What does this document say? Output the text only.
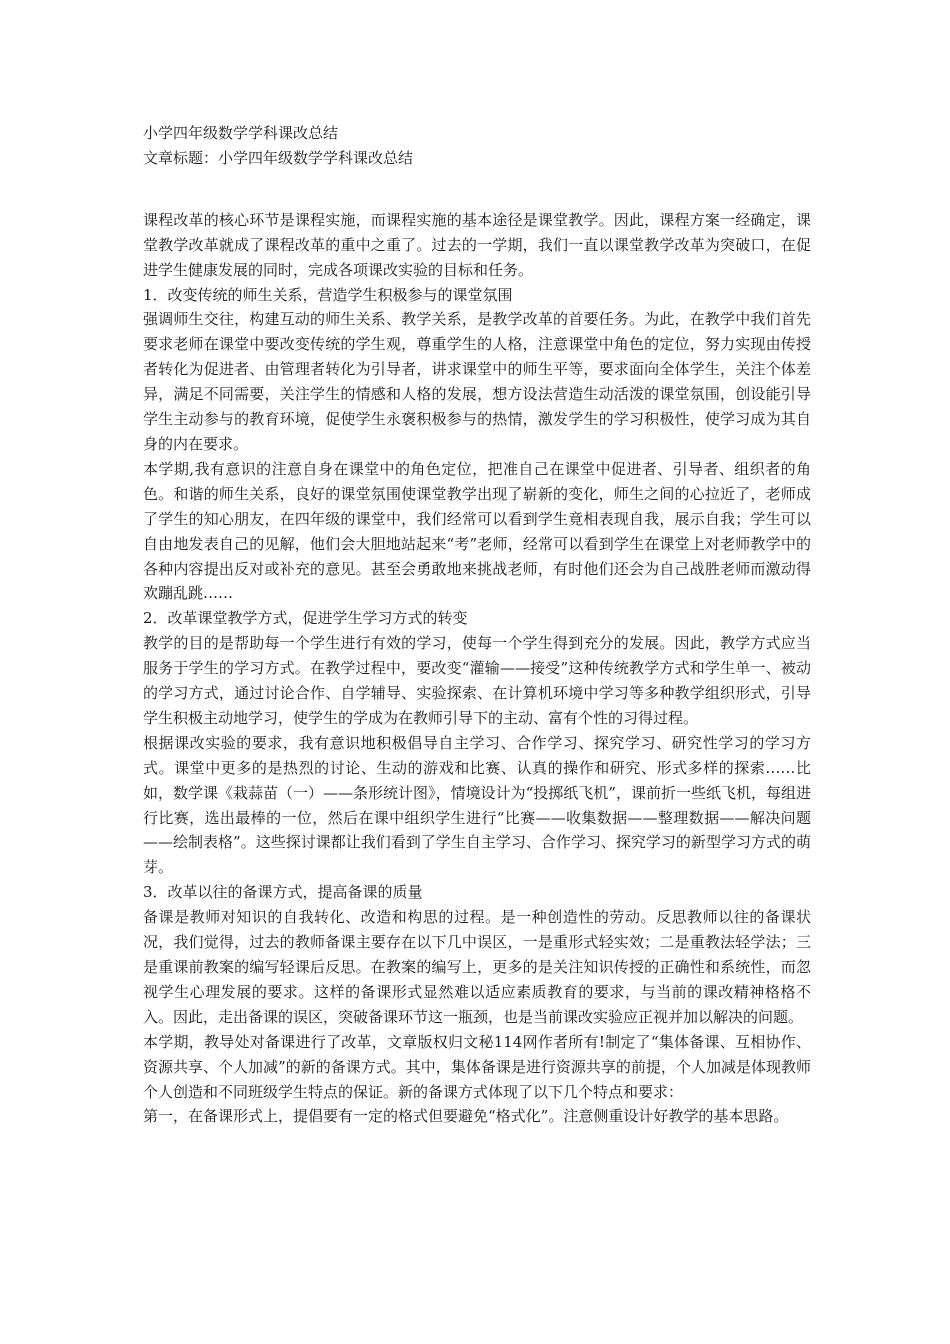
小学四年级数学学科课改总结

文章标题：小学四年级数学学科课改总结

课程改革的核心环节是课程实施，而课程实施的基本途径是课堂教学。因此，课程方案一经确定，课堂教学改革就成了课程改革的重中之重了。过去的一学期，我们一直以课堂教学改革为突破口，在促进学生健康发展的同时，完成各项课改实验的目标和任务。

1．改变传统的师生关系，营造学生积极参与的课堂氛围

强调师生交往，构建互动的师生关系、教学关系，是教学改革的首要任务。为此，在教学中我们首先要求老师在课堂中要改变传统的学生观，尊重学生的人格，注意课堂中角色的定位，努力实现由传授者转化为促进者、由管理者转化为引导者，讲求课堂中的师生平等，要求面向全体学生，关注个体差异，满足不同需要，关注学生的情感和人格的发展，想方设法营造生动活泼的课堂氛围，创设能引导学生主动参与的教育环境，促使学生永褒积极参与的热情，激发学生的学习积极性，使学习成为其自身的内在要求。

本学期,我有意识的注意自身在课堂中的角色定位，把准自己在课堂中促进者、引导者、组织者的角色。和谐的师生关系，良好的课堂氛围使课堂教学出现了崭新的变化，师生之间的心拉近了，老师成了学生的知心朋友，在四年级的课堂中，我们经常可以看到学生竟相表现自我，展示自我；学生可以自由地发表自己的见解，他们会大胆地站起来“考”老师，经常可以看到学生在课堂上对老师教学中的各种内容提出反对或补充的意见。甚至会勇敢地来挑战老师，有时他们还会为自己战胜老师而激动得欢蹦乱跳……

2．改革课堂教学方式，促进学生学习方式的转变

教学的目的是帮助每一个学生进行有效的学习，使每一个学生得到充分的发展。因此，教学方式应当服务于学生的学习方式。在教学过程中，要改变“灌输——接受”这种传统教学方式和学生单一、被动的学习方式，通过讨论合作、自学辅导、实验探索、在计算机环境中学习等多种教学组织形式，引导学生积极主动地学习，使学生的学成为在教师引导下的主动、富有个性的习得过程。

根据课改实验的要求，我有意识地积极倡导自主学习、合作学习、探究学习、研究性学习的学习方式。课堂中更多的是热烈的讨论、生动的游戏和比赛、认真的操作和研究、形式多样的探索……比如，数学课《栽蒜苗（一）——条形统计图》，情境设计为“投掷纸飞机”，课前折一些纸飞机，每组进行比赛，选出最棒的一位，然后在课中组织学生进行“比赛——收集数据——整理数据——解决问题——绘制表格”。这些探讨课都让我们看到了学生自主学习、合作学习、探究学习的新型学习方式的萌芽。

3．改革以往的备课方式，提高备课的质量

备课是教师对知识的自我转化、改造和构思的过程。是一种创造性的劳动。反思教师以往的备课状况，我们觉得，过去的教师备课主要存在以下几中误区，一是重形式轻实效；二是重教法轻学法；三是重课前教案的编写轻课后反思。在教案的编写上，更多的是关注知识传授的正确性和系统性，而忽视学生心理发展的要求。这样的备课形式显然难以适应素质教育的要求，与当前的课改精神格格不入。因此，走出备课的误区，突破备课环节这一瓶颈，也是当前课改实验应正视并加以解决的问题。

本学期，教导处对备课进行了改革，文章版权归文秘114网作者所有!制定了“集体备课、互相协作、资源共享、个人加减”的新的备课方式。其中，集体备课是进行资源共享的前提，个人加减是体现教师个人创造和不同班级学生特点的保证。新的备课方式体现了以下几个特点和要求：

第一，在备课形式上，提倡要有一定的格式但要避免“格式化”。注意侧重设计好教学的基本思路。
